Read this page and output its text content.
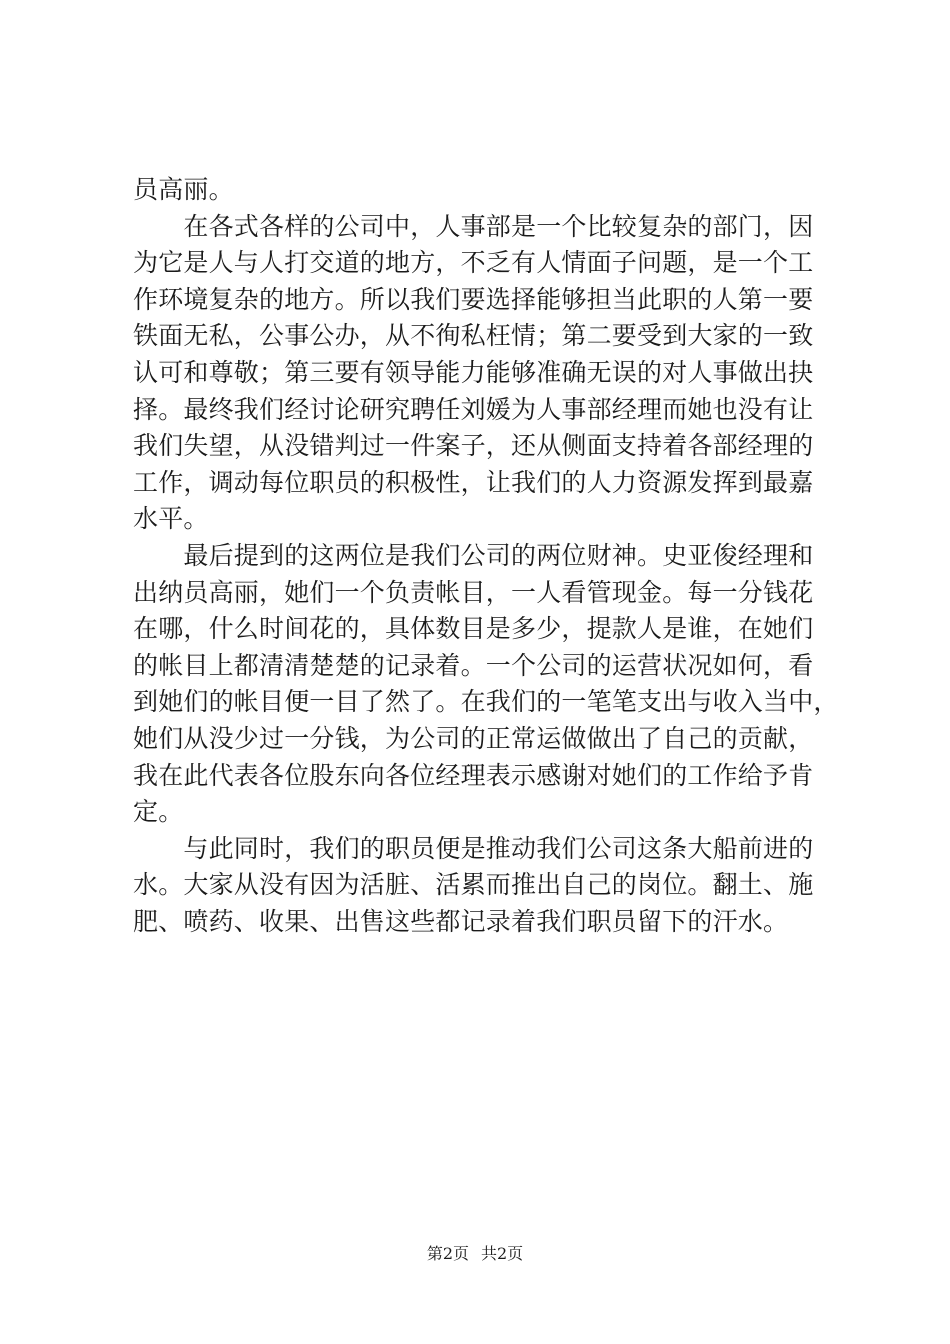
员高丽。
　　在各式各样的公司中，人事部是一个比较复杂的部门，因
为它是人与人打交道的地方，不乏有人情面子问题，是一个工
作环境复杂的地方。所以我们要选择能够担当此职的人第一要
铁面无私，公事公办，从不徇私枉情；第二要受到大家的一致
认可和尊敬；第三要有领导能力能够准确无误的对人事做出抉
择。最终我们经讨论研究聘任刘媛为人事部经理而她也没有让
我们失望，从没错判过一件案子，还从侧面支持着各部经理的
工作，调动每位职员的积极性，让我们的人力资源发挥到最嘉
水平。
　　最后提到的这两位是我们公司的两位财神。史亚俊经理和
出纳员高丽，她们一个负责帐目，一人看管现金。每一分钱花
在哪，什么时间花的，具体数目是多少，提款人是谁，在她们
的帐目上都清清楚楚的记录着。一个公司的运营状况如何，看
到她们的帐目便一目了然了。在我们的一笔笔支出与收入当中，
她们从没少过一分钱，为公司的正常运做做出了自己的贡献，
我在此代表各位股东向各位经理表示感谢对她们的工作给予肯
定。
　　与此同时，我们的职员便是推动我们公司这条大船前进的
水。大家从没有因为活脏、活累而推出自己的岗位。翻土、施
肥、喷药、收果、出售这些都记录着我们职员留下的汗水。
第2页 共2页
